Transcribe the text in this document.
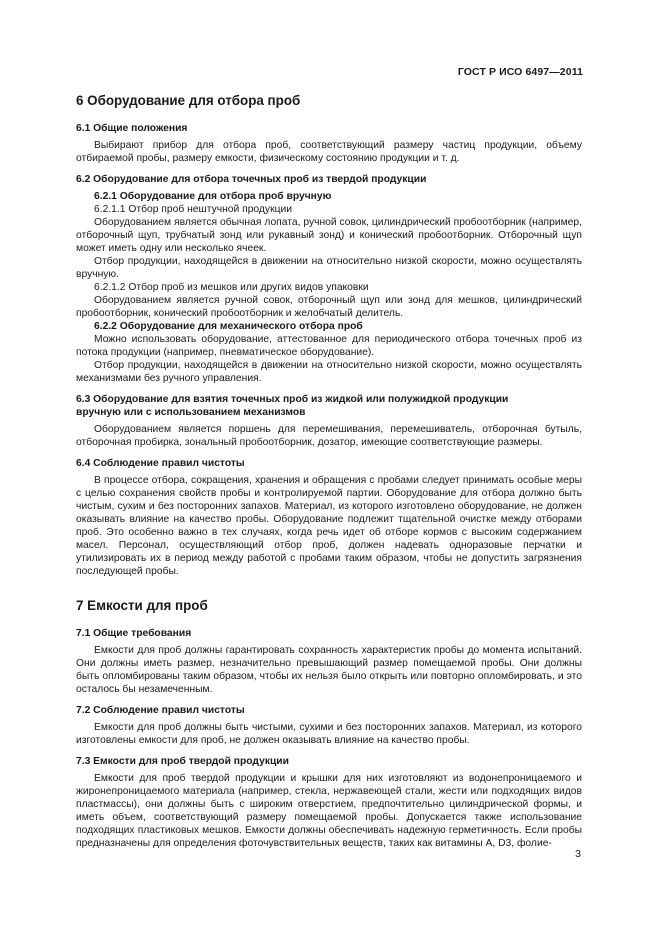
ГОСТ Р ИСО 6497—2011
6 Оборудование для отбора проб
6.1 Общие положения
Выбирают прибор для отбора проб, соответствующий размеру частиц продукции, объему отбираемой пробы, размеру емкости, физическому состоянию продукции и т. д.
6.2 Оборудование для отбора точечных проб из твердой продукции
6.2.1 Оборудование для отбора проб вручную
6.2.1.1 Отбор проб нештучной продукции
Оборудованием является обычная лопата, ручной совок, цилиндрический пробоотборник (например, отборочный щуп, трубчатый зонд или рукавный зонд) и конический пробоотборник. Отборочный щуп может иметь одну или несколько ячеек.
Отбор продукции, находящейся в движении на относительно низкой скорости, можно осуществлять вручную.
6.2.1.2 Отбор проб из мешков или других видов упаковки
Оборудованием является ручной совок, отборочный щуп или зонд для мешков, цилиндрический пробоотборник, конический пробоотборник и желобчатый делитель.
6.2.2 Оборудование для механического отбора проб
Можно использовать оборудование, аттестованное для периодического отбора точечных проб из потока продукции (например, пневматическое оборудование).
Отбор продукции, находящейся в движении на относительно низкой скорости, можно осуществлять механизмами без ручного управления.
6.3 Оборудование для взятия точечных проб из жидкой или полужидкой продукции
вручную или с использованием механизмов
Оборудованием является поршень для перемешивания, перемешиватель, отборочная бутыль, отборочная пробирка, зональный пробоотборник, дозатор, имеющие соответствующие размеры.
6.4 Соблюдение правил чистоты
В процессе отбора, сокращения, хранения и обращения с пробами следует принимать особые меры с целью сохранения свойств пробы и контролируемой партии. Оборудование для отбора должно быть чистым, сухим и без посторонних запахов. Материал, из которого изготовлено оборудование, не должен оказывать влияние на качество пробы. Оборудование подлежит тщательной очистке между отборами проб. Это особенно важно в тех случаях, когда речь идет об отборе кормов с высоким содержанием масел. Персонал, осуществляющий отбор проб, должен надевать одноразовые перчатки и утилизировать их в период между работой с пробами таким образом, чтобы не допустить загрязнения последующей пробы.
7 Емкости для проб
7.1 Общие требования
Емкости для проб должны гарантировать сохранность характеристик пробы до момента испытаний. Они должны иметь размер, незначительно превышающий размер помещаемой пробы. Они должны быть опломбированы таким образом, чтобы их нельзя было открыть или повторно опломбировать, и это осталось бы незамеченным.
7.2 Соблюдение правил чистоты
Емкости для проб должны быть чистыми, сухими и без посторонних запахов. Материал, из которого изготовлены емкости для проб, не должен оказывать влияние на качество пробы.
7.3 Емкости для проб твердой продукции
Емкости для проб твердой продукции и крышки для них изготовляют из водонепроницаемого и жиронепроницаемого материала (например, стекла, нержавеющей стали, жести или подходящих видов пластмассы), они должны быть с широким отверстием, предпочтительно цилиндрической формы, и иметь объем, соответствующий размеру помещаемой пробы. Допускается также использование подходящих пластиковых мешков. Емкости должны обеспечивать надежную герметичность. Если пробы предназначены для определения фоточувствительных веществ, таких как витамины А, D3, фолие-
3
